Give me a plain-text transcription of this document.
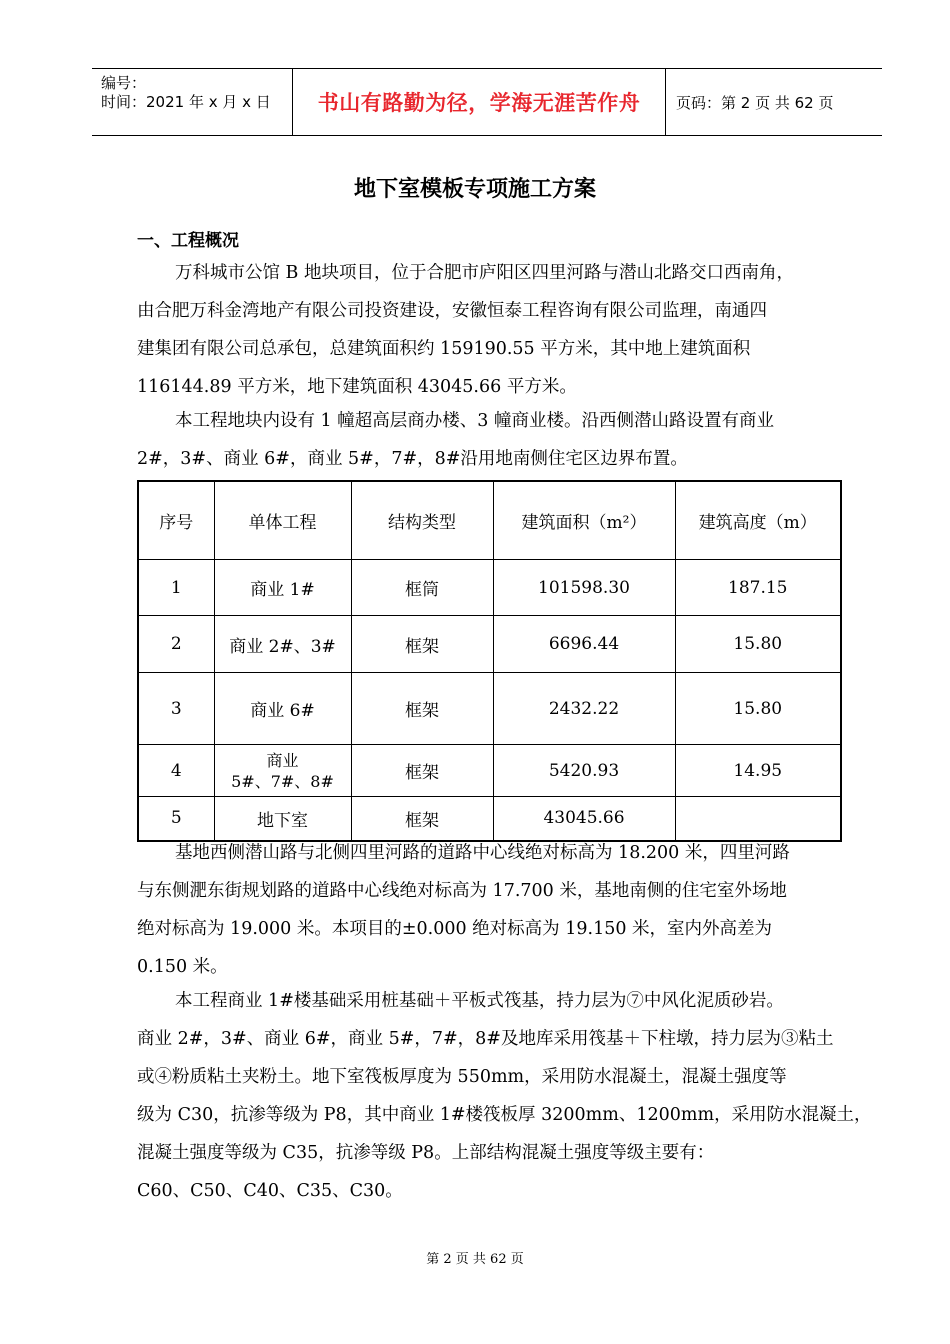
编号：
时间：2021 年 x 月 x 日	书山有路勤为径，学海无涯苦作舟	页码：第 2 页 共 62 页
地下室模板专项施工方案
一、工程概况

万科城市公馆 B 地块项目，位于合肥市庐阳区四里河路与潜山北路交口西南角，
由合肥万科金湾地产有限公司投资建设，安徽恒泰工程咨询有限公司监理，南通四
建集团有限公司总承包，总建筑面积约 159190.55 平方米，其中地上建筑面积
116144.89 平方米，地下建筑面积 43045.66 平方米。

本工程地块内设有 1 幢超高层商办楼、3 幢商业楼。沿西侧潜山路设置有商业
2#，3#、商业 6#，商业 5#，7#，8#沿用地南侧住宅区边界布置。

序号	单体工程	结构类型	建筑面积（m²）	建筑高度（m）
1	商业 1#	框筒	101598.30	187.15
2	商业 2#、3#	框架	6696.44	15.80
3	商业 6#	框架	2432.22	15.80
4	商业
5#、7#、8#	框架	5420.93	14.95
5	地下室	框架	43045.66	

基地西侧潜山路与北侧四里河路的道路中心线绝对标高为 18.200 米，四里河路
与东侧淝东街规划路的道路中心线绝对标高为 17.700 米，基地南侧的住宅室外场地
绝对标高为 19.000 米。本项目的±0.000 绝对标高为 19.150 米，室内外高差为
0.150 米。

本工程商业 1#楼基础采用桩基础＋平板式筏基，持力层为⑦中风化泥质砂岩。
商业 2#，3#、商业 6#，商业 5#，7#，8#及地库采用筏基＋下柱墩，持力层为③粘土
或④粉质粘土夹粉土。地下室筏板厚度为 550mm，采用防水混凝土，混凝土强度等
级为 C30，抗渗等级为 P8，其中商业 1#楼筏板厚 3200mm、1200mm，采用防水混凝土，
混凝土强度等级为 C35，抗渗等级 P8。上部结构混凝土强度等级主要有：
C60、C50、C40、C35、C30。

第 2 页 共 62 页
